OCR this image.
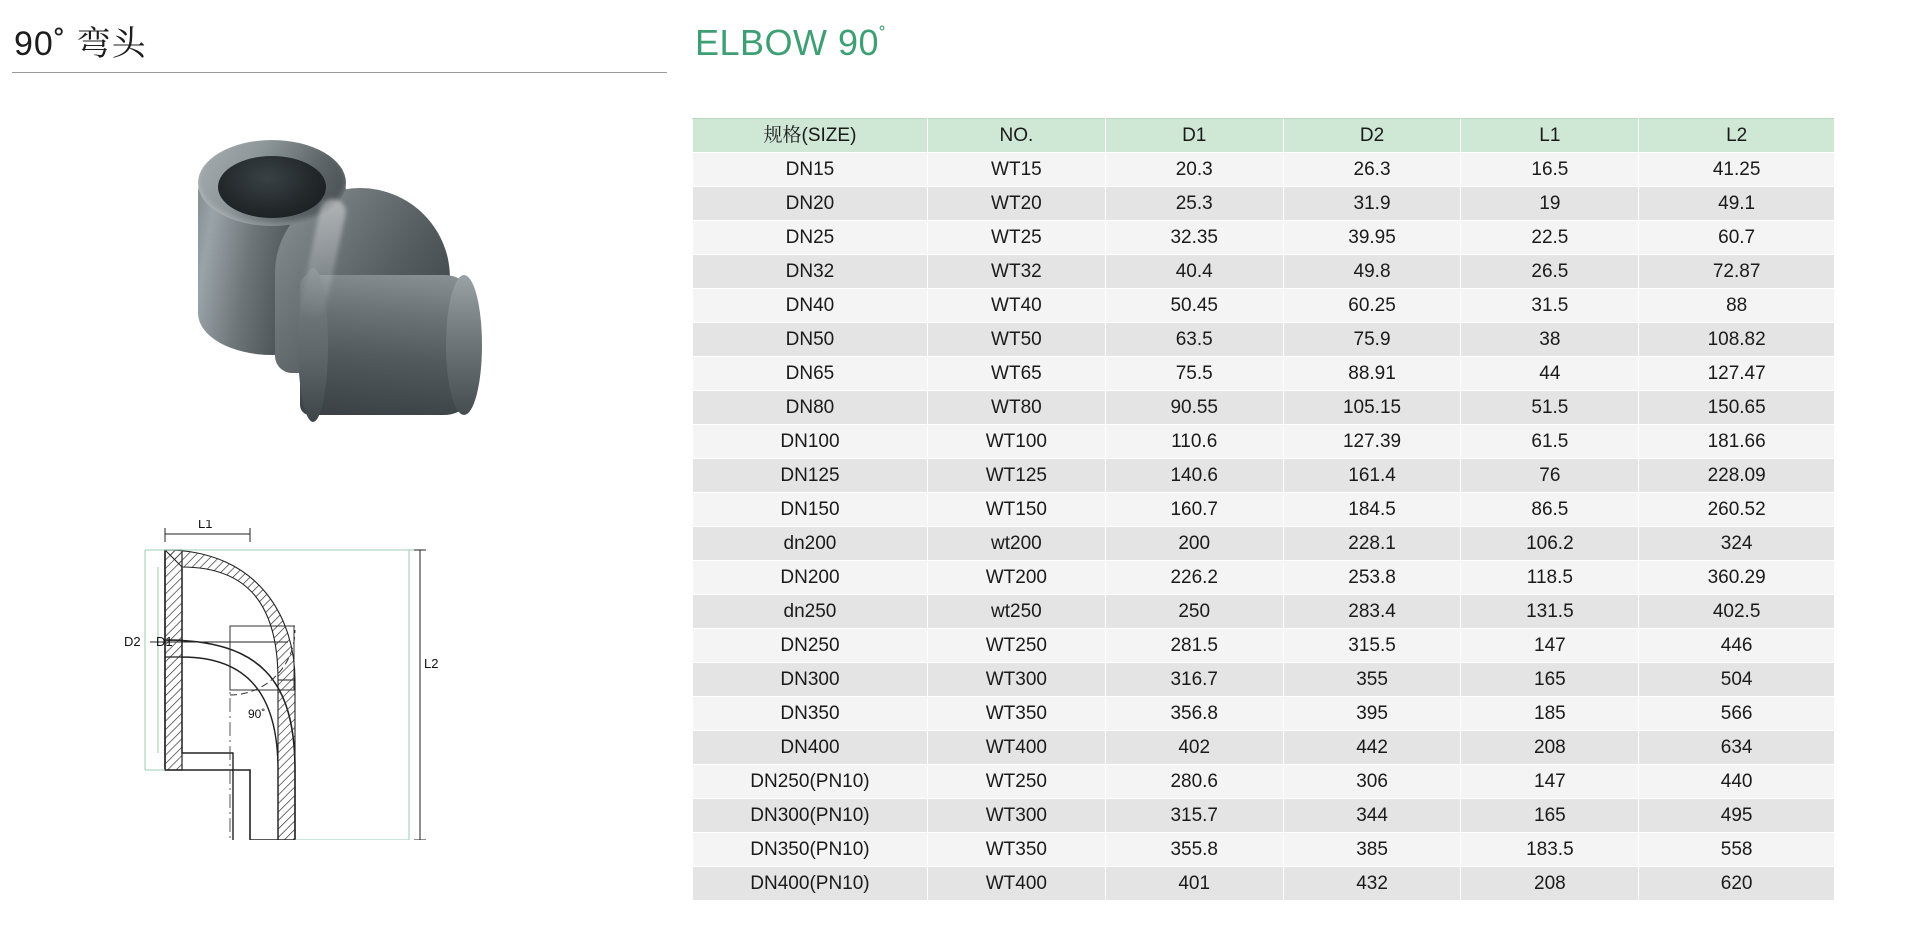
90˚ 弯头
L1
L2
D2 D1
90˚
ELBOW 90˚
规格(SIZE)	NO.	D1	D2	L1	L2
DN15	WT15	20.3	26.3	16.5	41.25
DN20	WT20	25.3	31.9	19	49.1
DN25	WT25	32.35	39.95	22.5	60.7
DN32	WT32	40.4	49.8	26.5	72.87
DN40	WT40	50.45	60.25	31.5	88
DN50	WT50	63.5	75.9	38	108.82
DN65	WT65	75.5	88.91	44	127.47
DN80	WT80	90.55	105.15	51.5	150.65
DN100	WT100	110.6	127.39	61.5	181.66
DN125	WT125	140.6	161.4	76	228.09
DN150	WT150	160.7	184.5	86.5	260.52
dn200	wt200	200	228.1	106.2	324
DN200	WT200	226.2	253.8	118.5	360.29
dn250	wt250	250	283.4	131.5	402.5
DN250	WT250	281.5	315.5	147	446
DN300	WT300	316.7	355	165	504
DN350	WT350	356.8	395	185	566
DN400	WT400	402	442	208	634
DN250(PN10)	WT250	280.6	306	147	440
DN300(PN10)	WT300	315.7	344	165	495
DN350(PN10)	WT350	355.8	385	183.5	558
DN400(PN10)	WT400	401	432	208	620
